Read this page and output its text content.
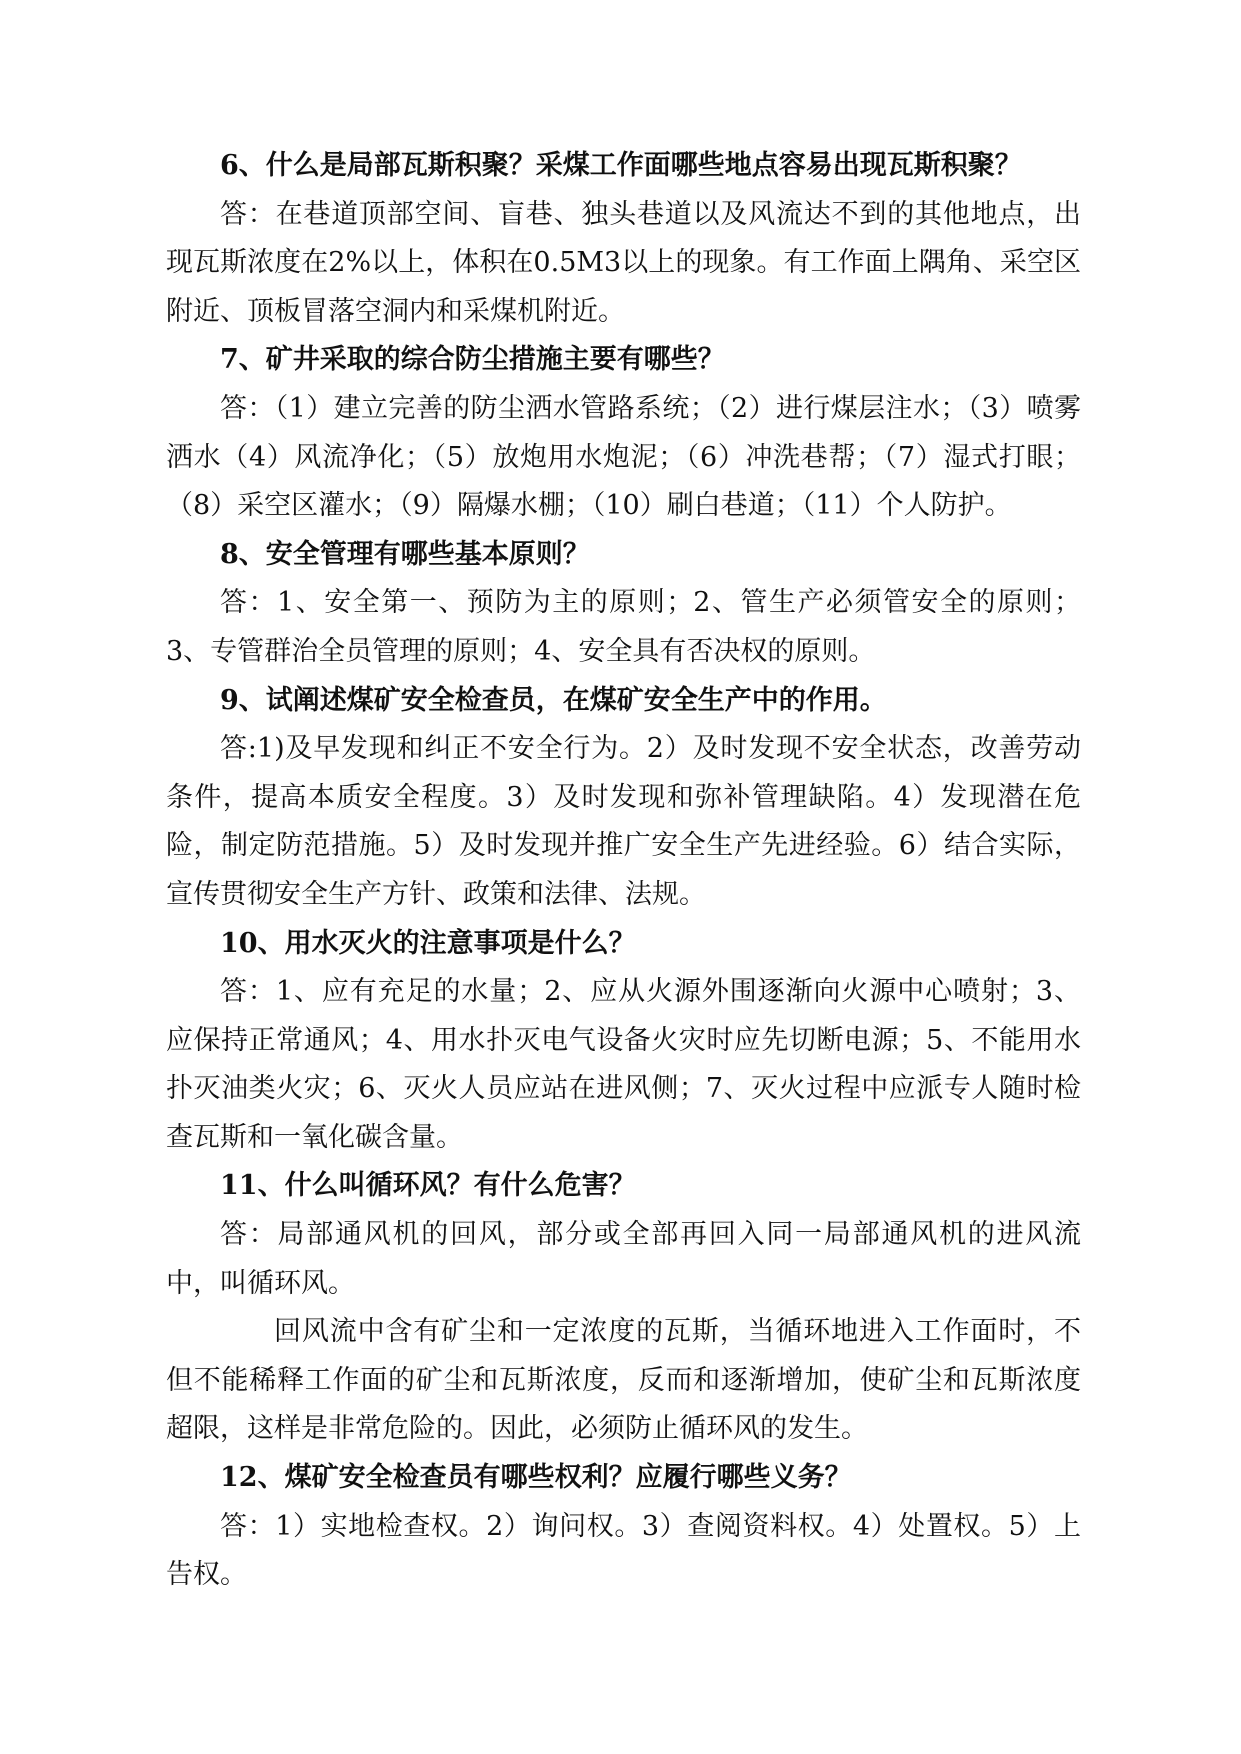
6、什么是局部瓦斯积聚？采煤工作面哪些地点容易出现瓦斯积聚？

答：在巷道顶部空间、盲巷、独头巷道以及风流达不到的其他地点，出现瓦斯浓度在2%以上，体积在0.5M3以上的现象。有工作面上隅角、采空区附近、顶板冒落空洞内和采煤机附近。

7、矿井采取的综合防尘措施主要有哪些？

答：（1）建立完善的防尘洒水管路系统；（2）进行煤层注水；（3）喷雾洒水（4）风流净化；（5）放炮用水炮泥；（6）冲洗巷帮；（7）湿式打眼；（8）采空区灌水；（9）隔爆水棚；（10）刷白巷道；（11）个人防护。

8、安全管理有哪些基本原则？

答：1、安全第一、预防为主的原则；2、管生产必须管安全的原则；3、专管群治全员管理的原则；4、安全具有否决权的原则。

9、试阐述煤矿安全检查员，在煤矿安全生产中的作用。

答:1)及早发现和纠正不安全行为。2）及时发现不安全状态，改善劳动条件，提高本质安全程度。3）及时发现和弥补管理缺陷。4）发现潜在危险，制定防范措施。5）及时发现并推广安全生产先进经验。6）结合实际，宣传贯彻安全生产方针、政策和法律、法规。

10、用水灭火的注意事项是什么？

答：1、应有充足的水量；2、应从火源外围逐渐向火源中心喷射；3、应保持正常通风；4、用水扑灭电气设备火灾时应先切断电源；5、不能用水扑灭油类火灾；6、灭火人员应站在进风侧；7、灭火过程中应派专人随时检查瓦斯和一氧化碳含量。

11、什么叫循环风？有什么危害？

答：局部通风机的回风，部分或全部再回入同一局部通风机的进风流中，叫循环风。

回风流中含有矿尘和一定浓度的瓦斯，当循环地进入工作面时，不但不能稀释工作面的矿尘和瓦斯浓度，反而和逐渐增加，使矿尘和瓦斯浓度超限，这样是非常危险的。因此，必须防止循环风的发生。

12、煤矿安全检查员有哪些权利？应履行哪些义务？

答：1）实地检查权。2）询问权。3）查阅资料权。4）处置权。5）上告权。
